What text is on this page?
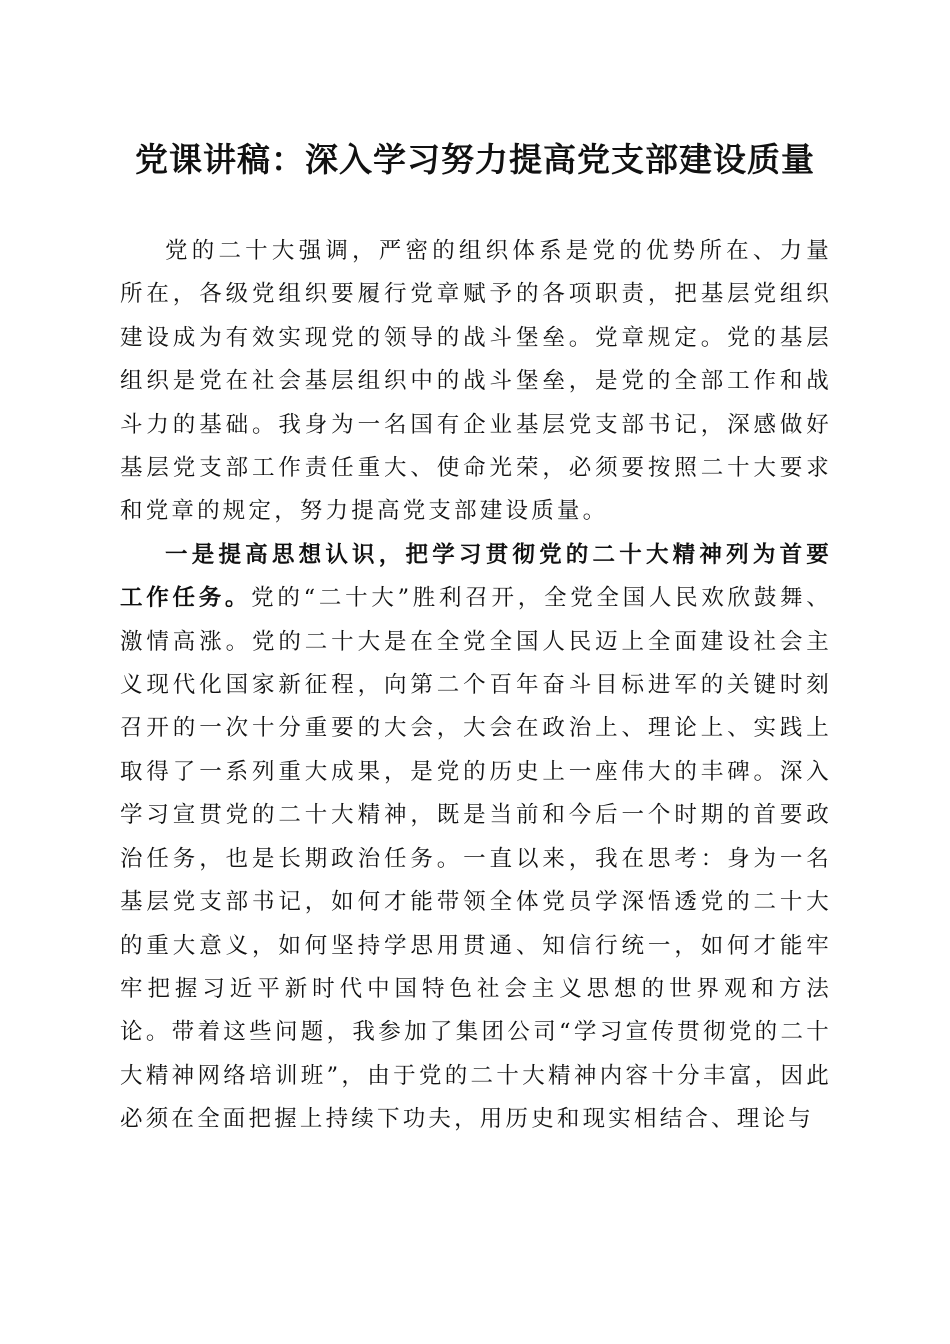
党课讲稿：深入学习努力提高党支部建设质量

党的二十大强调，严密的组织体系是党的优势所在、力量所在，各级党组织要履行党章赋予的各项职责，把基层党组织建设成为有效实现党的领导的战斗堡垒。党章规定。党的基层组织是党在社会基层组织中的战斗堡垒，是党的全部工作和战斗力的基础。我身为一名国有企业基层党支部书记，深感做好基层党支部工作责任重大、使命光荣，必须要按照二十大要求和党章的规定，努力提高党支部建设质量。

一是提高思想认识，把学习贯彻党的二十大精神列为首要工作任务。党的“二十大”胜利召开，全党全国人民欢欣鼓舞、激情高涨。党的二十大是在全党全国人民迈上全面建设社会主义现代化国家新征程，向第二个百年奋斗目标进军的关键时刻召开的一次十分重要的大会，大会在政治上、理论上、实践上取得了一系列重大成果，是党的历史上一座伟大的丰碑。深入学习宣贯党的二十大精神，既是当前和今后一个时期的首要政治任务，也是长期政治任务。一直以来，我在思考：身为一名基层党支部书记，如何才能带领全体党员学深悟透党的二十大的重大意义，如何坚持学思用贯通、知信行统一，如何才能牢牢把握习近平新时代中国特色社会主义思想的世界观和方法论。带着这些问题，我参加了集团公司“学习宣传贯彻党的二十大精神网络培训班”，由于党的二十大精神内容十分丰富，因此必须在全面把握上持续下功夫，用历史和现实相结合、理论与
